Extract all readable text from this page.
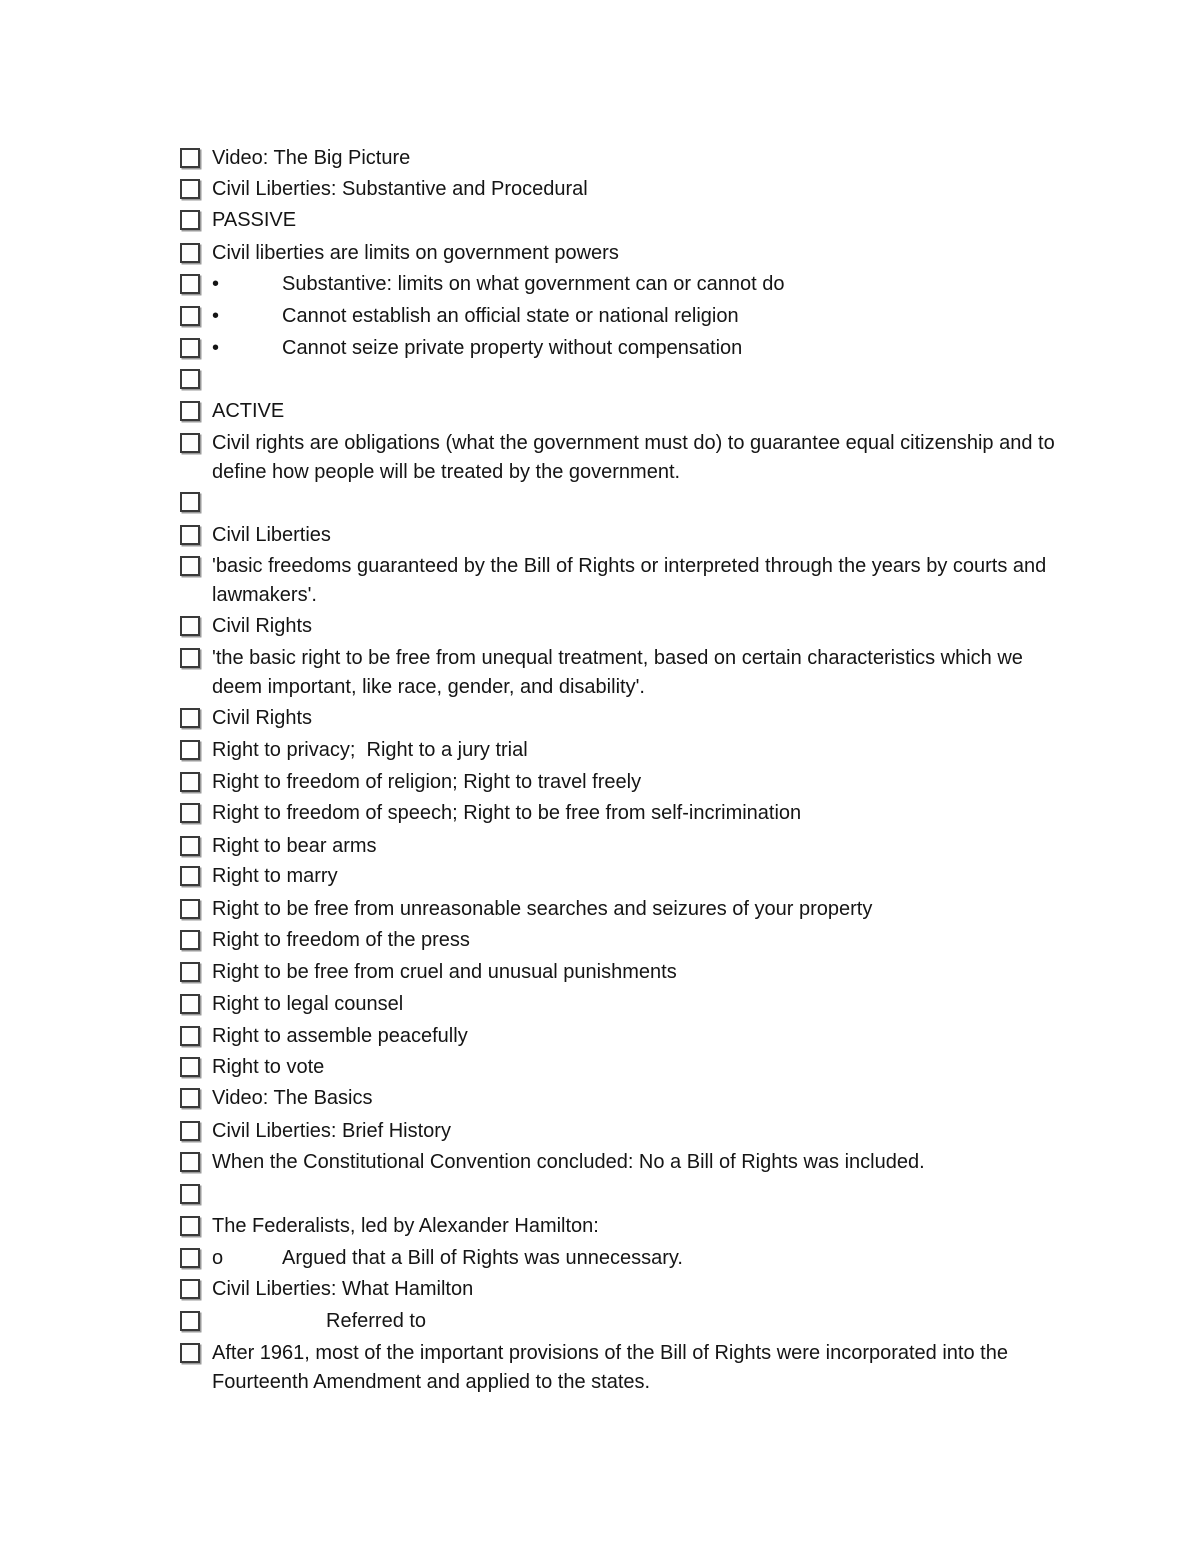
Video: The Big Picture
Civil Liberties: Substantive and Procedural
PASSIVE
Civil liberties are limits on government powers
•	Substantive: limits on what government can or cannot do
•	Cannot establish an official state or national religion
•	Cannot seize private property without compensation
ACTIVE
Civil rights are obligations (what the government must do) to guarantee equal citizenship and to define how people will be treated by the government.
Civil Liberties
'basic freedoms guaranteed by the Bill of Rights or interpreted through the years by courts and lawmakers'.
Civil Rights
'the basic right to be free from unequal treatment, based on certain characteristics which we deem important, like race, gender, and disability'.
Civil Rights
Right to privacy;  Right to a jury trial
Right to freedom of religion; Right to travel freely
Right to freedom of speech; Right to be free from self-incrimination
Right to bear arms
Right to marry
Right to be free from unreasonable searches and seizures of your property
Right to freedom of the press
Right to be free from cruel and unusual punishments
Right to legal counsel
Right to assemble peacefully
Right to vote
Video: The Basics
Civil Liberties: Brief History
When the Constitutional Convention concluded: No a Bill of Rights was included.
The Federalists, led by Alexander Hamilton:
o	Argued that a Bill of Rights was unnecessary.
Civil Liberties: What Hamilton
Referred to
After 1961, most of the important provisions of the Bill of Rights were incorporated into the Fourteenth Amendment and applied to the states.
